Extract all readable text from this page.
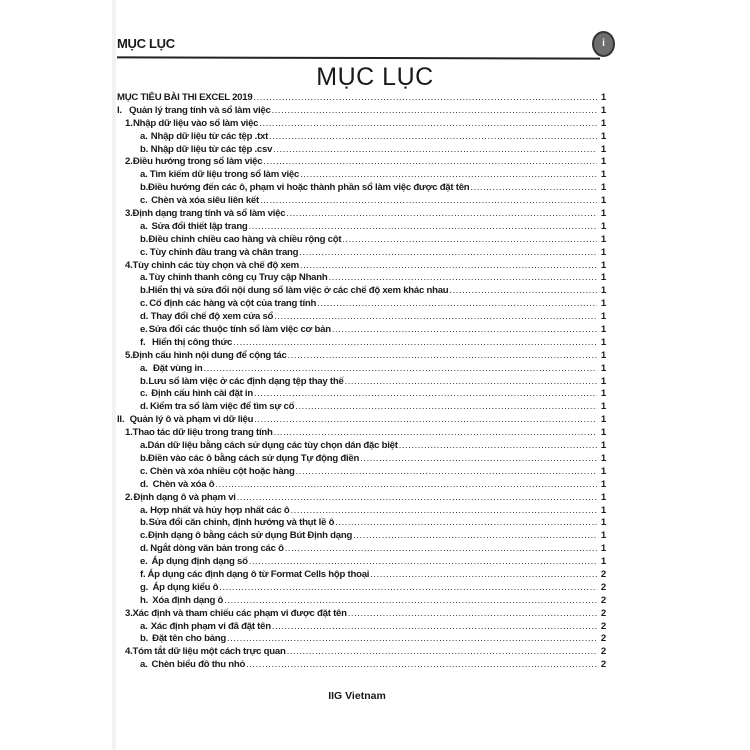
MỤC LỤC	i
MỤC LỤC
MỤC TIÊU BÀI THI EXCEL 2019 .....	1
I. Quản lý trang tính và sổ làm việc .....	1
1. Nhập dữ liệu vào sổ làm việc .....	1
a. Nhập dữ liệu từ các tệp .txt .....	1
b. Nhập dữ liệu từ các tệp .csv .....	1
2. Điều hướng trong sổ làm việc .....	1
a. Tìm kiếm dữ liệu trong sổ làm việc .....	1
b. Điều hướng đến các ô, phạm vi hoặc thành phần sổ làm việc được đặt tên .....	1
c. Chèn và xóa siêu liên kết .....	1
3. Định dạng trang tính và sổ làm việc .....	1
a. Sửa đổi thiết lập trang .....	1
b. Điều chỉnh chiều cao hàng và chiều rộng cột .....	1
c. Tùy chỉnh đầu trang và chân trang .....	1
4. Tùy chỉnh các tùy chọn và chế độ xem .....	1
a. Tùy chỉnh thanh công cụ Truy cập Nhanh .....	1
b. Hiển thị và sửa đổi nội dung sổ làm việc ở các chế độ xem khác nhau .....	1
c. Cố định các hàng và cột của trang tính .....	1
d. Thay đổi chế độ xem cửa sổ .....	1
e. Sửa đổi các thuộc tính sổ làm việc cơ bản .....	1
f. Hiển thị công thức .....	1
5. Định cấu hình nội dung để cộng tác .....	1
a. Đặt vùng in .....	1
b. Lưu sổ làm việc ở các định dạng tệp thay thế .....	1
c. Định cấu hình cài đặt in .....	1
d. Kiểm tra sổ làm việc để tìm sự cố .....	1
II. Quản lý ô và phạm vi dữ liệu .....	1
1. Thao tác dữ liệu trong trang tính .....	1
a. Dán dữ liệu bằng cách sử dụng các tùy chọn dán đặc biệt .....	1
b. Điền vào các ô bằng cách sử dụng Tự động điền .....	1
c. Chèn và xóa nhiều cột hoặc hàng .....	1
d. Chèn và xóa ô .....	1
2. Định dạng ô và phạm vi .....	1
a. Hợp nhất và hủy hợp nhất các ô .....	1
b. Sửa đổi căn chỉnh, định hướng và thụt lề ô .....	1
c. Định dạng ô bằng cách sử dụng Bút Định dạng .....	1
d. Ngắt dòng văn bản trong các ô .....	1
e. Áp dụng định dạng số .....	1
f. Áp dụng các định dạng ô từ Format Cells hộp thoại .....	2
g. Áp dụng kiểu ô .....	2
h. Xóa định dạng ô .....	2
3. Xác định và tham chiếu các phạm vi được đặt tên .....	2
a. Xác định phạm vi đã đặt tên .....	2
b. Đặt tên cho bảng .....	2
4. Tóm tắt dữ liệu một cách trực quan .....	2
a. Chèn biểu đồ thu nhỏ .....	2
IIG Vietnam
